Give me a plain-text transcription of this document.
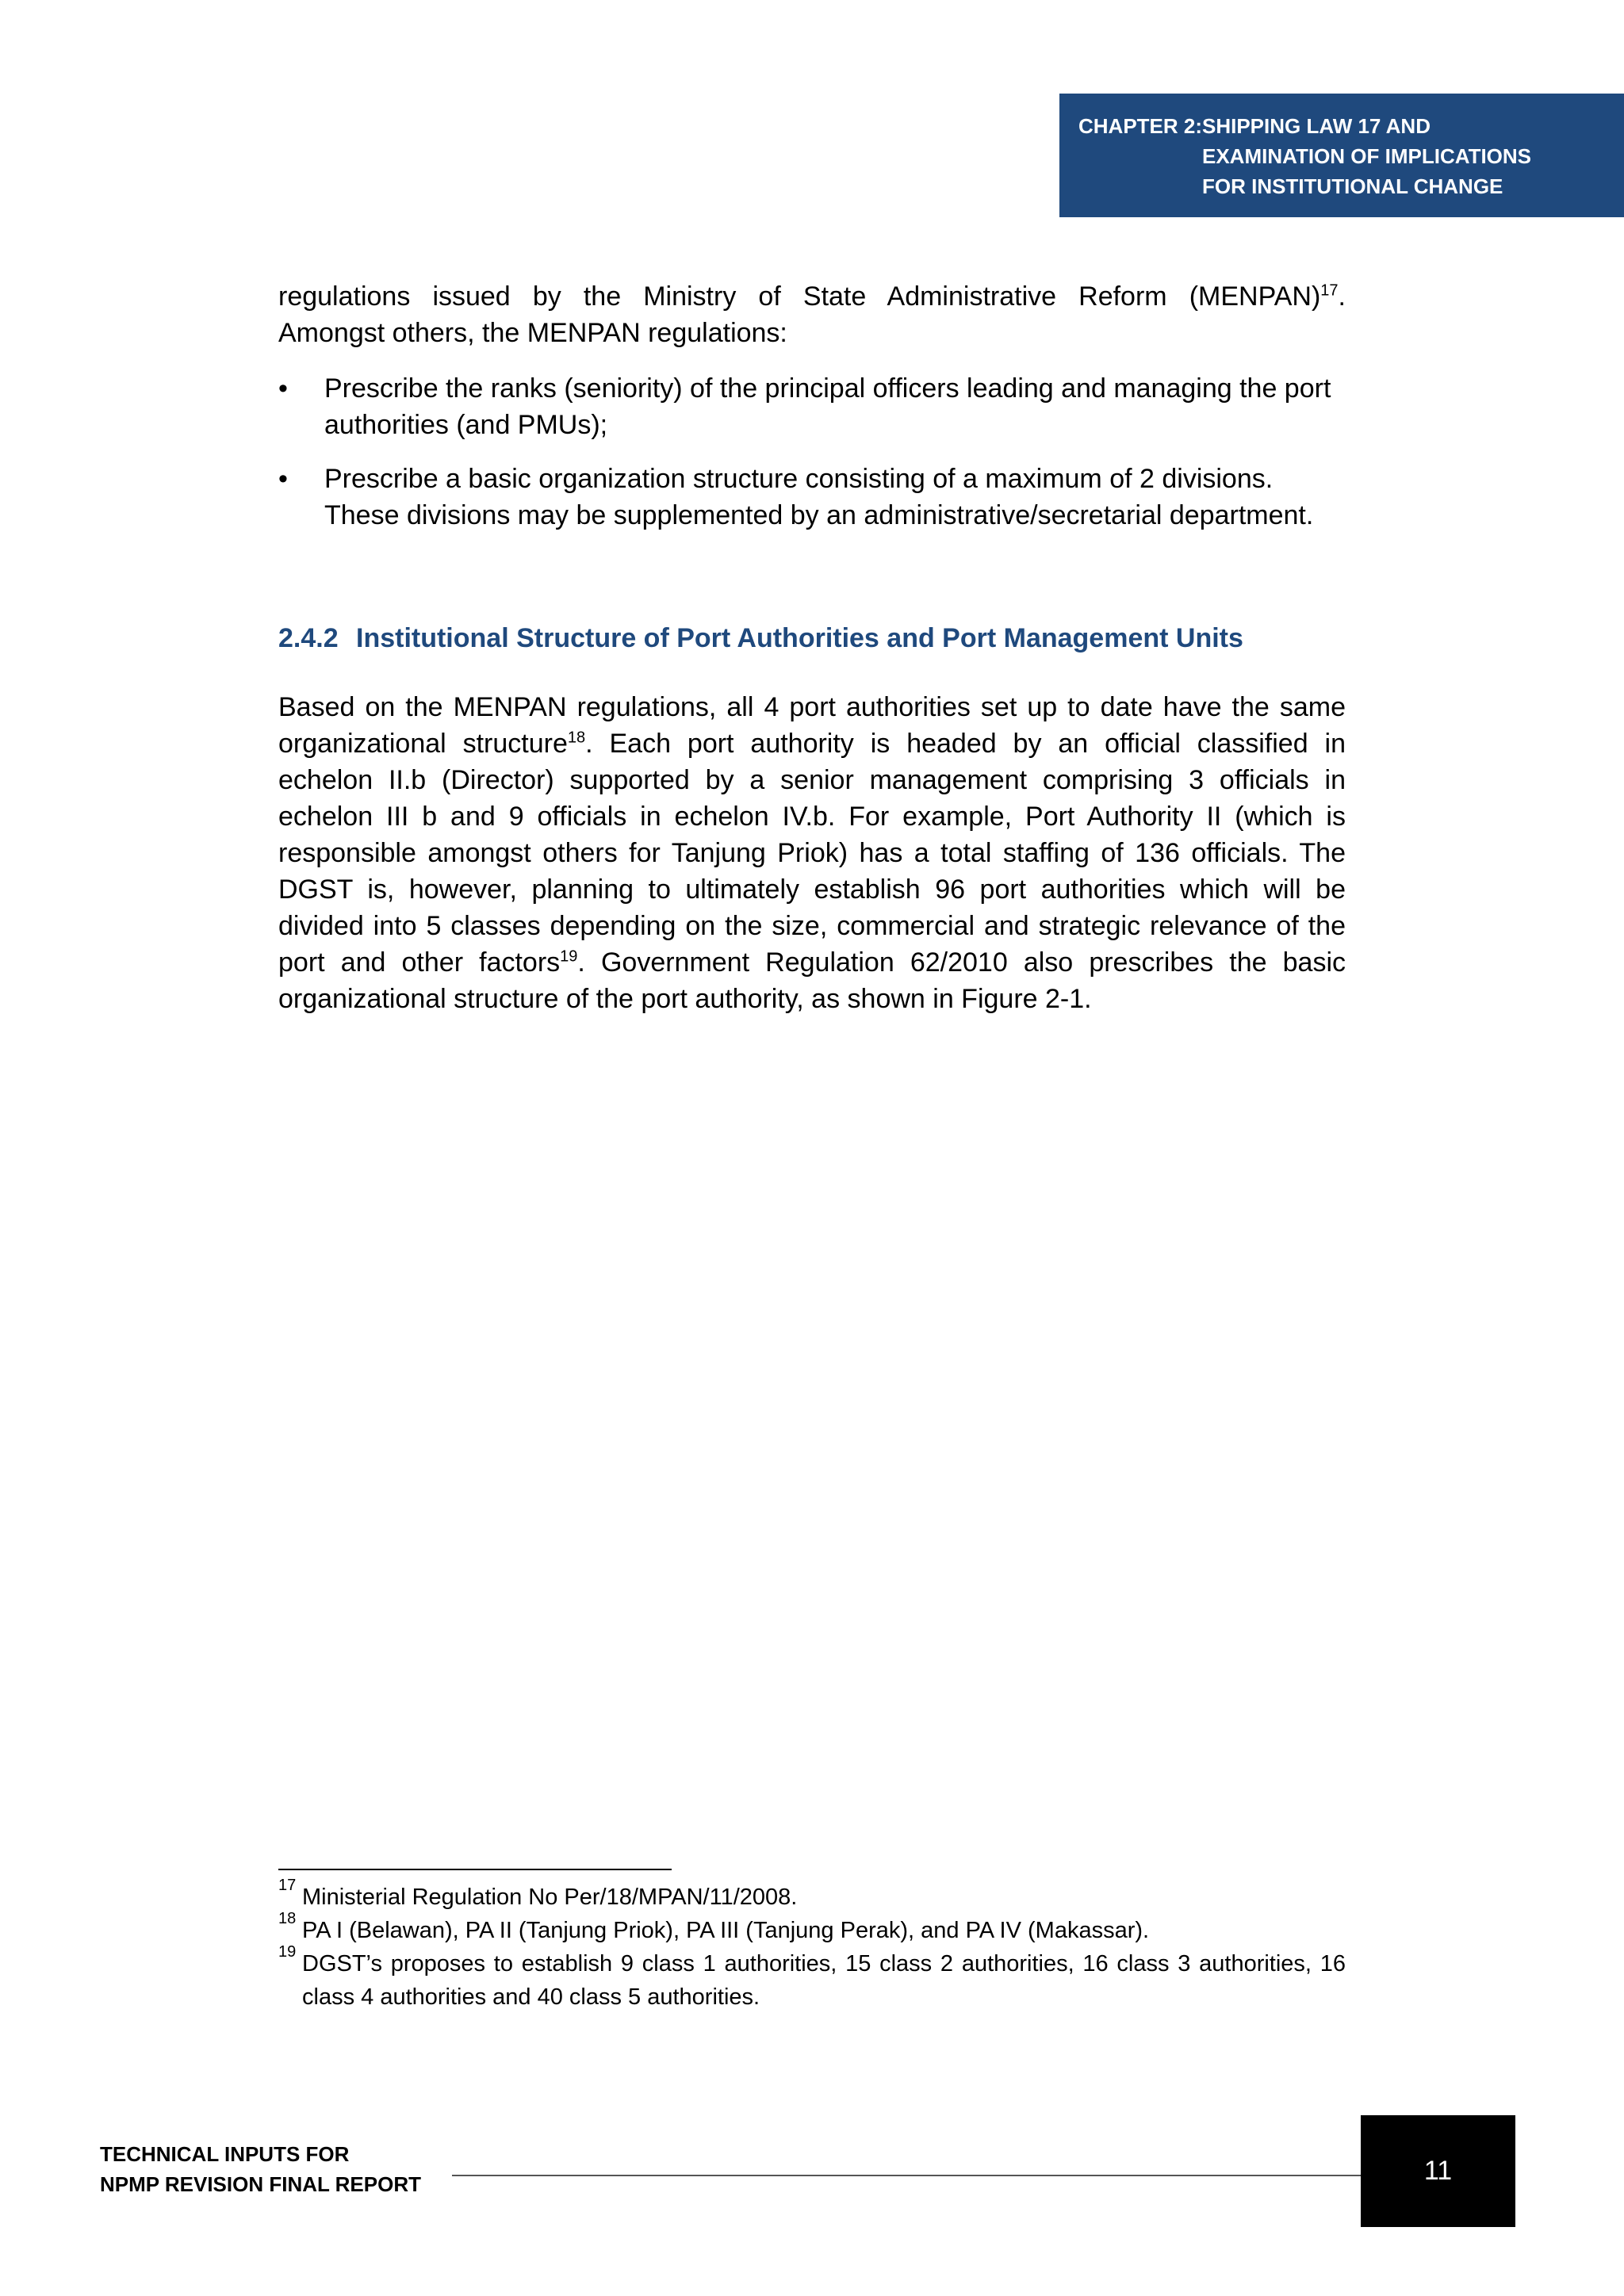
CHAPTER 2: SHIPPING LAW 17 AND
EXAMINATION OF IMPLICATIONS
FOR INSTITUTIONAL CHANGE

regulations issued by the Ministry of State Administrative Reform (MENPAN)$^{17}$.

Amongst others, the MENPAN regulations:

• Prescribe the ranks (seniority) of the principal officers leading and managing the port authorities (and PMUs);
• Prescribe a basic organization structure consisting of a maximum of 2 divisions. These divisions may be supplemented by an administrative/secretarial department.
2.4.2 Institutional Structure of Port Authorities and Port Management Units

Based on the MENPAN regulations, all 4 port authorities set up to date have the same organizational structure$^{18}$. Each port authority is headed by an official classified in echelon II.b (Director) supported by a senior management comprising 3 officials in echelon III b and 9 officials in echelon IV.b. For example, Port Authority II (which is responsible amongst others for Tanjung Priok) has a total staffing of 136 officials. The DGST is, however, planning to ultimately establish 96 port authorities which will be divided into 5 classes depending on the size, commercial and strategic relevance of the port and other factors$^{19}$. Government Regulation 62/2010 also prescribes the basic organizational structure of the port authority, as shown in Figure 2-1.

17 Ministerial Regulation No Per/18/MPAN/11/2008.

18 PA I (Belawan), PA II (Tanjung Priok), PA III (Tanjung Perak), and PA IV (Makassar).

19 DGST’s proposes to establish 9 class 1 authorities, 15 class 2 authorities, 16 class 3 authorities, 16 class 4 authorities and 40 class 5 authorities.

TECHNICAL INPUTS FOR
NPMP REVISION FINAL REPORT	11
